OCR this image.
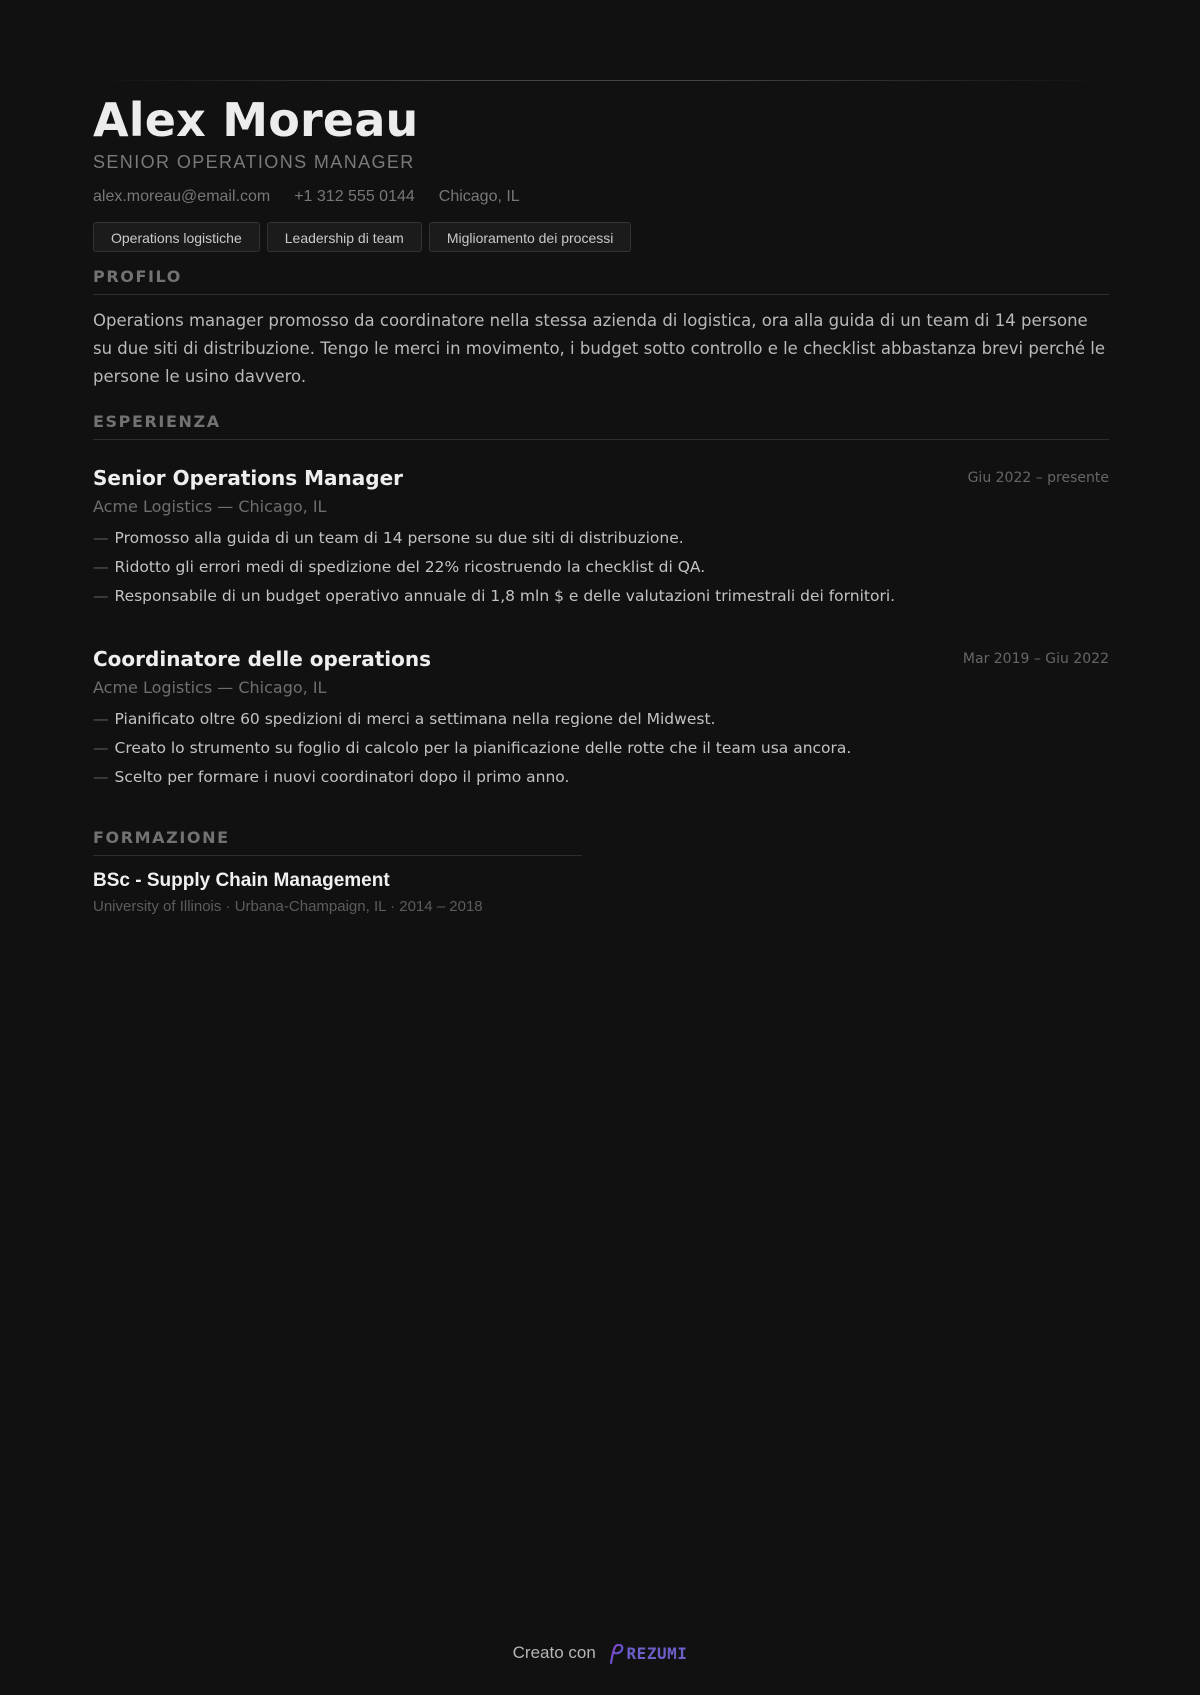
Alex Moreau
SENIOR OPERATIONS MANAGER
alex.moreau@email.com +1 312 555 0144 Chicago, IL
Operations logistiche	Leadership di team	Miglioramento dei processi
PROFILO

Operations manager promosso da coordinatore nella stessa azienda di logistica, ora alla guida di un team di 14 persone su due siti di distribuzione. Tengo le merci in movimento, i budget sotto controllo e le checklist abbastanza brevi perché le persone le usino davvero.

ESPERIENZA
Senior Operations Manager	Giu 2022 – presente
Acme Logistics — Chicago, IL
— Promosso alla guida di un team di 14 persone su due siti di distribuzione.
— Ridotto gli errori medi di spedizione del 22% ricostruendo la checklist di QA.
— Responsabile di un budget operativo annuale di 1,8 mln $ e delle valutazioni trimestrali dei fornitori.
Coordinatore delle operations	Mar 2019 – Giu 2022
Acme Logistics — Chicago, IL
— Pianificato oltre 60 spedizioni di merci a settimana nella regione del Midwest.
— Creato lo strumento su foglio di calcolo per la pianificazione delle rotte che il team usa ancora.
— Scelto per formare i nuovi coordinatori dopo il primo anno.
FORMAZIONE
BSc - Supply Chain Management
University of Illinois · Urbana-Champaign, IL · 2014 – 2018
Creato con REZUMI
